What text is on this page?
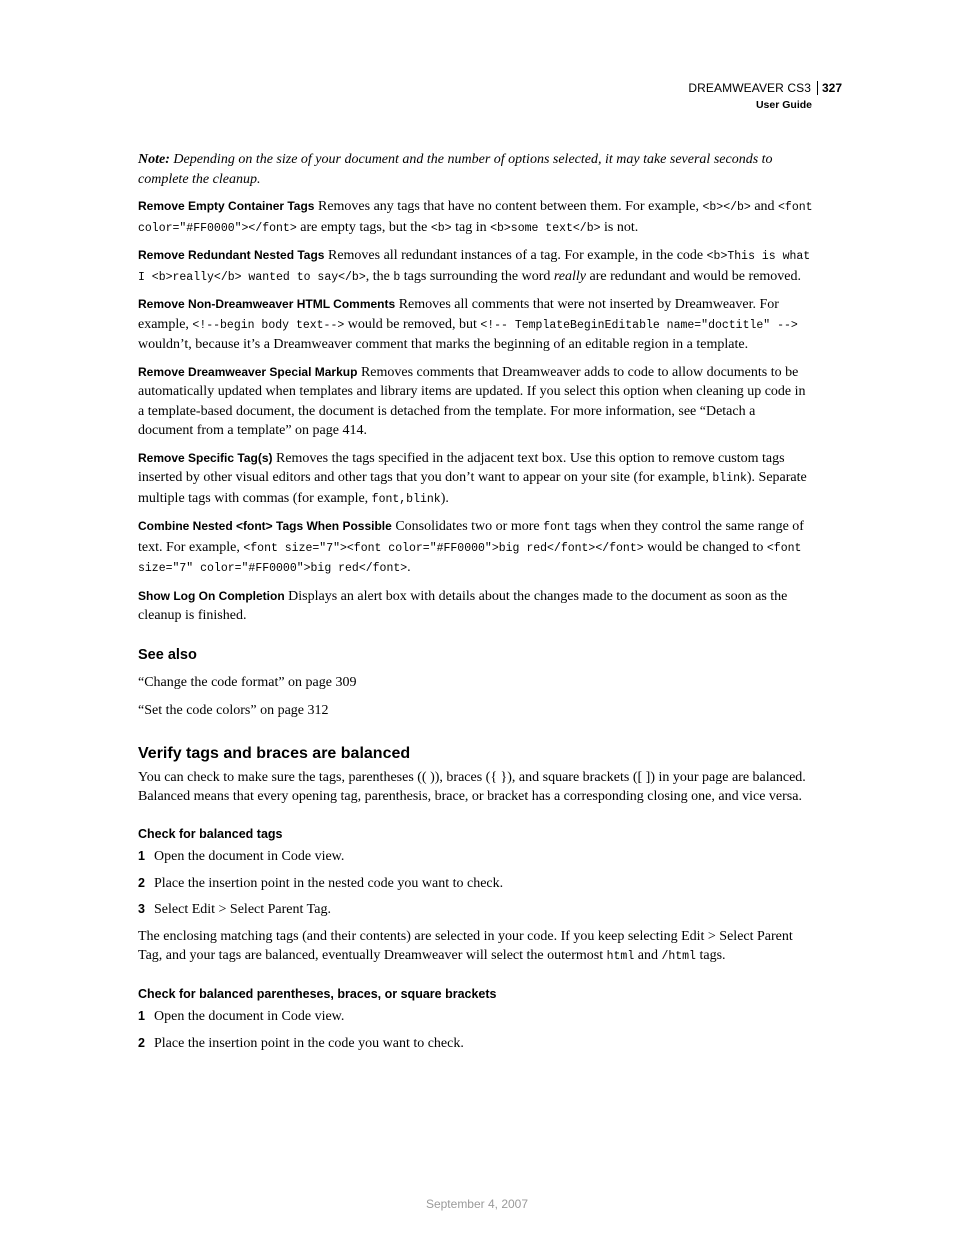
DREAMWEAVER CS3 327
User Guide

Note: Depending on the size of your document and the number of options selected, it may take several seconds to complete the cleanup.

Remove Empty Container Tags Removes any tags that have no content between them. For example, <b></b> and <font color="#FF0000"></font> are empty tags, but the <b> tag in <b>some text</b> is not.

Remove Redundant Nested Tags Removes all redundant instances of a tag. For example, in the code <b>This is what I <b>really</b> wanted to say</b>, the b tags surrounding the word really are redundant and would be removed.

Remove Non-Dreamweaver HTML Comments Removes all comments that were not inserted by Dreamweaver. For example, <!--begin body text--> would be removed, but <!-- TemplateBeginEditable name="doctitle" --> wouldn’t, because it’s a Dreamweaver comment that marks the beginning of an editable region in a template.

Remove Dreamweaver Special Markup Removes comments that Dreamweaver adds to code to allow documents to be automatically updated when templates and library items are updated. If you select this option when cleaning up code in a template-based document, the document is detached from the template. For more information, see “Detach a document from a template” on page 414.

Remove Specific Tag(s) Removes the tags specified in the adjacent text box. Use this option to remove custom tags inserted by other visual editors and other tags that you don’t want to appear on your site (for example, blink). Separate multiple tags with commas (for example, font,blink).

Combine Nested <font> Tags When Possible Consolidates two or more font tags when they control the same range of text. For example, <font size="7"><font color="#FF0000">big red</font></font> would be changed to <font size="7" color="#FF0000">big red</font>.

Show Log On Completion Displays an alert box with details about the changes made to the document as soon as the cleanup is finished.

See also

“Change the code format” on page 309

“Set the code colors” on page 312

Verify tags and braces are balanced

You can check to make sure the tags, parentheses (( )), braces ({ }), and square brackets ([ ]) in your page are balanced. Balanced means that every opening tag, parenthesis, brace, or bracket has a corresponding closing one, and vice versa.

Check for balanced tags
1 Open the document in Code view.
2 Place the insertion point in the nested code you want to check.
3 Select Edit > Select Parent Tag.

The enclosing matching tags (and their contents) are selected in your code. If you keep selecting Edit > Select Parent Tag, and your tags are balanced, eventually Dreamweaver will select the outermost html and /html tags.

Check for balanced parentheses, braces, or square brackets
1 Open the document in Code view.
2 Place the insertion point in the code you want to check.
September 4, 2007
